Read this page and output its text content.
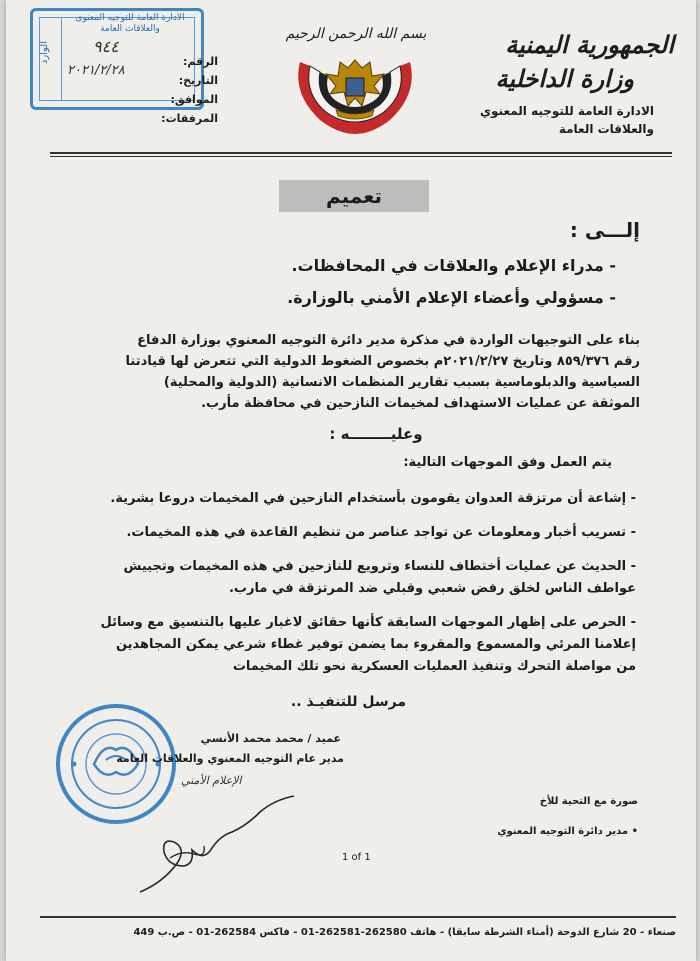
الجمهورية اليمنية
وزارة الداخلية
الادارة العامة للتوجيه المعنوي
والعلاقات العامة
بسم الله الرحمن الرحيم
الادارة العامة للتوجيه المعنوي والعلاقات العامة
الوارد	٩٤٤
٢٠٢١/٢/٢٨
الرقم:
التاريخ:
الموافق:
المرفقات:
تعميم
إلـــى :
- مدراء الإعلام والعلاقات في المحافظات.
- مسؤولي وأعضاء الإعلام الأمني بالوزارة.
بناء على التوجيهات الواردة في مذكرة مدير دائرة التوجيه المعنوي بوزارة الدفاع
رقم ٨٥٩/٣٧٦ وتاريخ ٢٠٢١/٢/٢٧م بخصوص الضغوط الدولية التي تتعرض لها قيادتنا
السياسية والدبلوماسية بسبب تقارير المنظمات الانسانية (الدولية والمحلية)
الموثقة عن عمليات الاستهداف لمخيمات النازحين في محافظة مأرب.
وعليــــــــه :
يتم العمل وفق الموجهات التالية:
- إشاعة أن مرتزقة العدوان يقومون بأستخدام النازحين في المخيمات دروعا بشرية.
- تسريب أخبار ومعلومات عن تواجد عناصر من تنظيم القاعدة في هذه المخيمات.
- الحديث عن عمليات أختطاف للنساء وترويع للنازحين في هذه المخيمات وتجييش
عواطف الناس لخلق رفض شعبي وقبلي ضد المرتزقة في مارب.
- الحرص على إظهار الموجهات السابقة كأنها حقائق لاغبار عليها بالتنسيق مع وسائل
إعلامنا المرئي والمسموع والمقروء بما يضمن توفير غطاء شرعي يمكن المجاهدين
من مواصلة التحرك وتنفيذ العمليات العسكرية نحو تلك المخيمات
مرسل للتنفيـذ ..
عميد / محمد محمد الأنسي
مدير عام التوجيه المعنوي والعلاقات العامة
الإعلام الأمني
صورة مع التحية للأخ
• مدير دائرة التوجيه المعنوي
1 of 1
صنعاء - 20 شارع الدوحة (أمناء الشرطة سابقا) - هاتف 262580-262581-01 - فاكس 262584-01 - ص.ب 449
